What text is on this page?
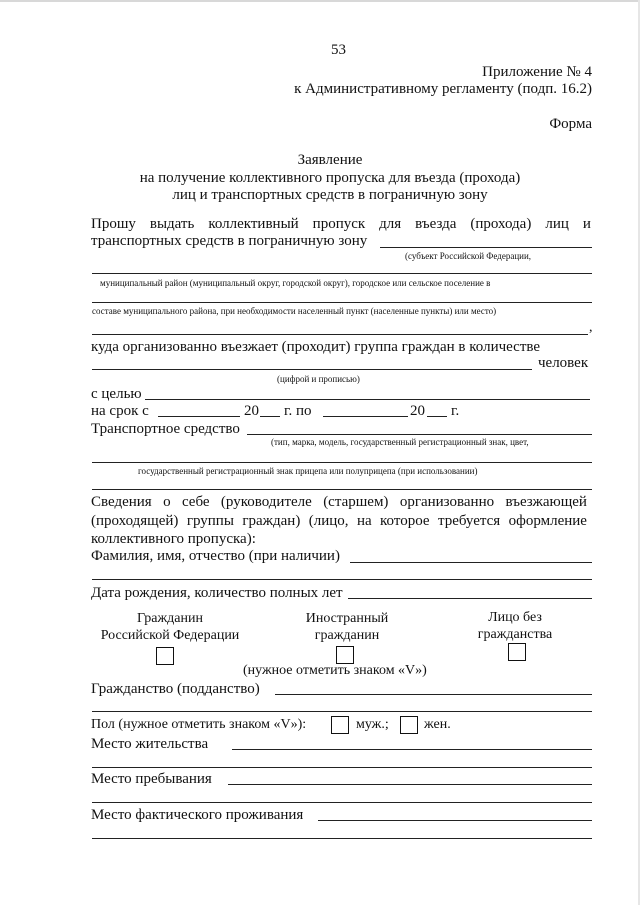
53
Приложение № 4
к Административному регламенту (подп. 16.2)
Форма
Заявление
на получение коллективного пропуска для въезда (прохода)
лиц и транспортных средств в пограничную зону
Прошу выдать коллективный пропуск для въезда (прохода) лиц и
транспортных средств в пограничную зону
(субъект Российской Федерации,
муниципальный район (муниципальный округ, городской округ), городское или сельское поселение в
составе муниципального района, при необходимости населенный пункт (населенные пункты) или место)
,
куда организованно въезжает (проходит) группа граждан в количестве
человек
(цифрой и прописью)
с целью
на срок с	20 г. по	20 г.
Транспортное средство
(тип, марка, модель, государственный регистрационный знак, цвет,
государственный регистрационный знак прицепа или полуприцепа (при использовании)
Сведения о себе (руководителе (старшем) организованно въезжающей
(проходящей) группы граждан) (лицо, на которое требуется оформление
коллективного пропуска):
Фамилия, имя, отчество (при наличии)
Дата рождения, количество полных лет
Гражданин
Российской Федерации
Иностранный
гражданин
Лицо без
гражданства
(нужное отметить знаком «V»)
Гражданство (подданство)
Пол (нужное отметить знаком «V»):	муж.;	жен.
Место жительства
Место пребывания
Место фактического проживания
